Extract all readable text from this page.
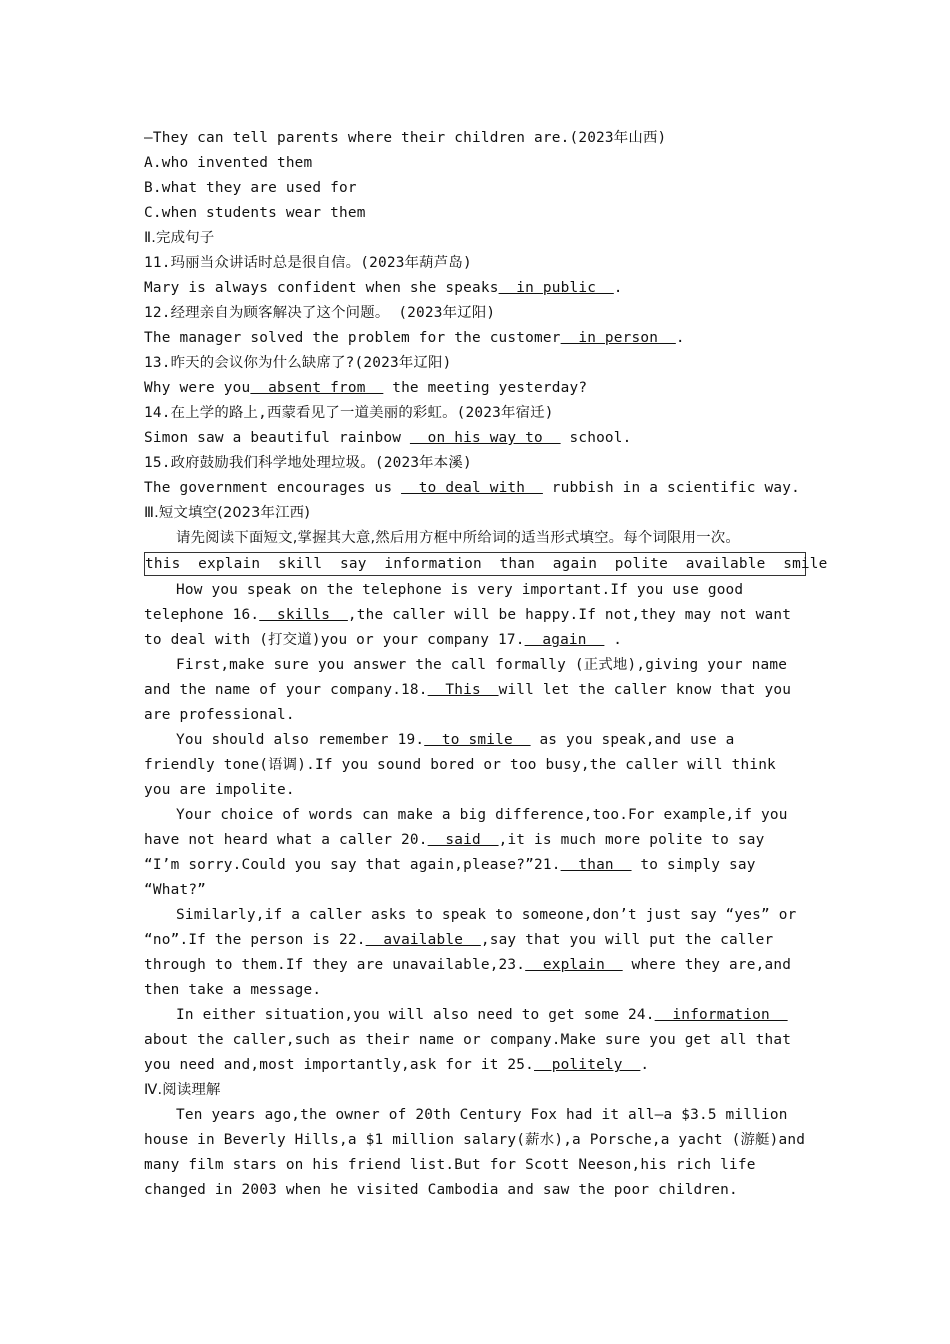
—They can tell parents where their children are.(2023年山西)
A.who invented them
B.what they are used for
C.when students wear them
Ⅱ.完成句子
11.玛丽当众讲话时总是很自信。(2023年葫芦岛)
Mary is always confident when she speaks  in public  .
12.经理亲自为顾客解决了这个问题。 (2023年辽阳)
The manager solved the problem for the customer  in person  .
13.昨天的会议你为什么缺席了?(2023年辽阳)
Why were you  absent from   the meeting yesterday?
14.在上学的路上,西蒙看见了一道美丽的彩虹。(2023年宿迁)
Simon saw a beautiful rainbow   on his way to   school.
15.政府鼓励我们科学地处理垃圾。(2023年本溪)
The government encourages us   to deal with   rubbish in a scientific way.
Ⅲ.短文填空(2023年江西)
请先阅读下面短文,掌握其大意,然后用方框中所给词的适当形式填空。每个词限用一次。
this  explain  skill  say  information  than  again  polite  available  smile
How you speak on the telephone is very important.If you use good telephone 16.  skills  ,the caller will be happy.If not,they may not want to deal with (打交道)you or your company 17.  again   .
First,make sure you answer the call formally (正式地),giving your name and the name of your company.18.  This  will let the caller know that you are professional.
You should also remember 19.  to smile   as you speak,and use a friendly tone(语调).If you sound bored or too busy,the caller will think you are impolite.
Your choice of words can make a big difference,too.For example,if you have not heard what a caller 20.  said  ,it is much more polite to say “I’m sorry.Could you say that again,please?”21.  than   to simply say “What?”
Similarly,if a caller asks to speak to someone,don’t just say “yes” or “no”.If the person is 22.  available  ,say that you will put the caller through to them.If they are unavailable,23.  explain   where they are,and then take a message.
In either situation,you will also need to get some 24.  information   about the caller,such as their name or company.Make sure you get all that you need and,most importantly,ask for it 25.  politely  .
Ⅳ.阅读理解
Ten years ago,the owner of 20th Century Fox had it all—a $3.5 million house in Beverly Hills,a $1 million salary(薪水),a Porsche,a yacht (游艇)and many film stars on his friend list.But for Scott Neeson,his rich life changed in 2003 when he visited Cambodia and saw the poor children.
